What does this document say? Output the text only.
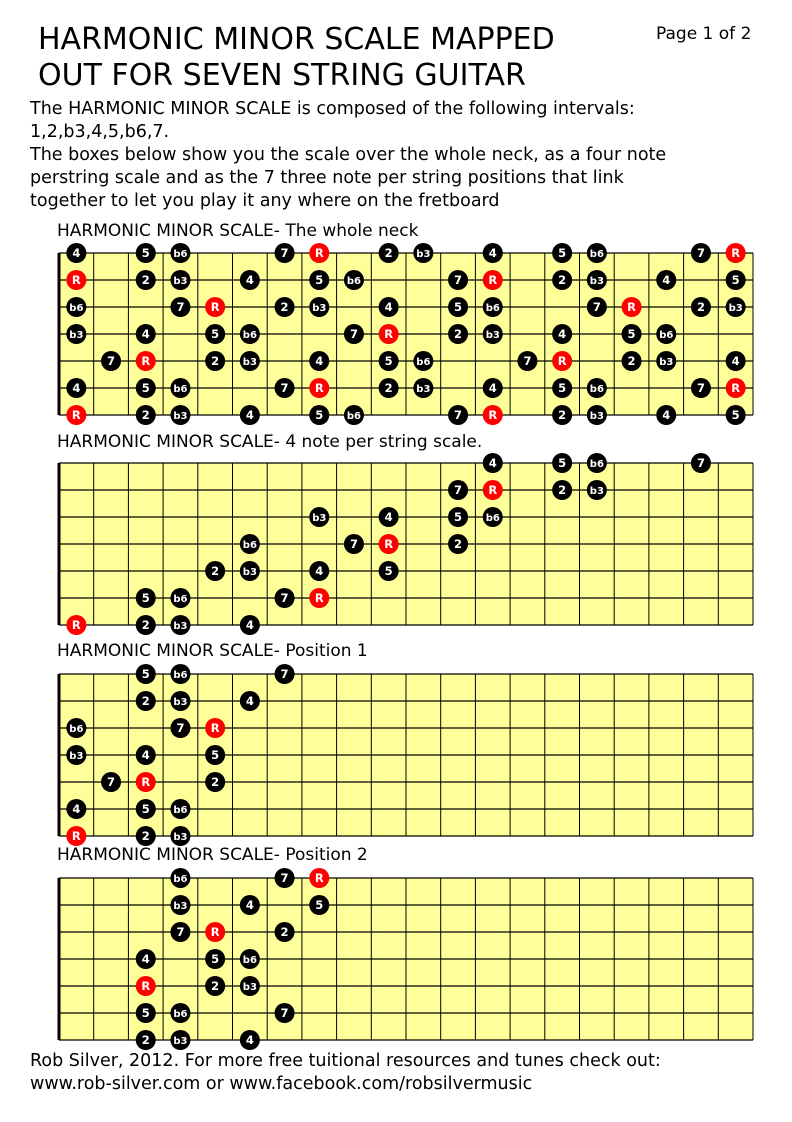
HARMONIC MINOR SCALE MAPPED
OUT FOR SEVEN STRING GUITAR
Page 1 of 2

The HARMONIC MINOR SCALE is composed of the following intervals:

1,2,b3,4,5,b6,7.

The boxes below show you the scale over the whole neck, as a four note

perstring scale and as the 7 three note per string positions that link

together to let you play it any where on the fretboard

HARMONIC MINOR SCALE- The whole neck
4	5 b6	7 R	2 b3	4	5 b6	7 R
R	2 b3	4	5 b6	7 R	2 b3	4	5
b6	7 R	2 b3	4	5 b6	7 R	2 b3
b3	4	5 b6	7 R	2 b3	4	5 b6
7 R	2 b3	4	5 b6	7 R	2 b3	4
4	5 b6	7 R	2 b3	4	5 b6	7 R
R	2 b3	4	5 b6	7 R	2 b3	4	5
HARMONIC MINOR SCALE- 4 note per string scale.
4	5 b6	7
7 R	2 b3
b3	4	5 b6
b6	7 R	2
2 b3	4	5
5 b6	7 R
R	2 b3	4
HARMONIC MINOR SCALE- Position 1
5 b6	7
2 b3	4
b6	7 R
b3	4	5
7 R	2
4	5 b6
R	2 b3
HARMONIC MINOR SCALE- Position 2
b6	7 R
b3	4	5
7 R	2
4	5 b6
R	2 b3
5 b6	7
2 b3	4

Rob Silver, 2012. For more free tuitional resources and tunes check out:

www.rob-silver.com or www.facebook.com/robsilvermusic
